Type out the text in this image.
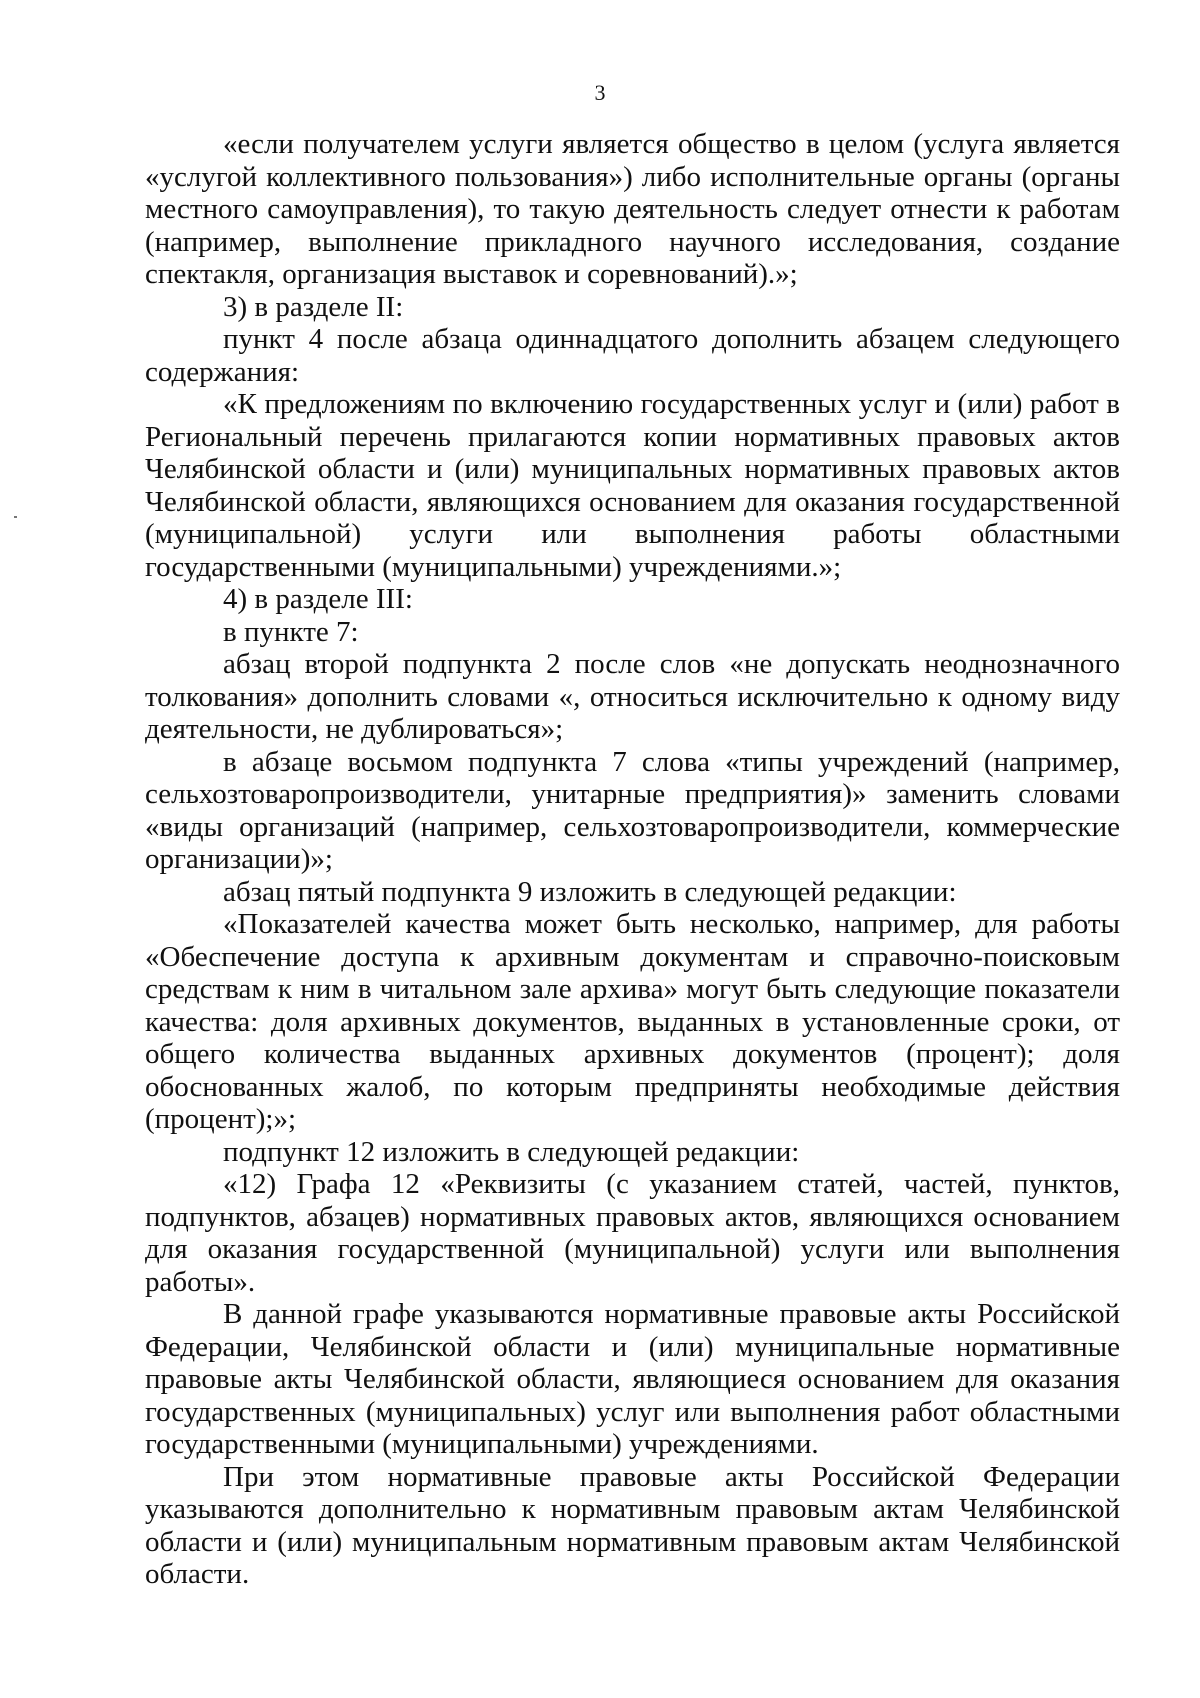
3

«если получателем услуги является общество в целом (услуга является «услугой коллективного пользования») либо исполнительные органы (органы местного самоуправления), то такую деятельность следует отнести к работам (например, выполнение прикладного научного исследования, создание спектакля, организация выставок и соревнований).»;

3) в разделе II:

пункт 4 после абзаца одиннадцатого дополнить абзацем следующего содержания:

«К предложениям по включению государственных услуг и (или) работ в Региональный перечень прилагаются копии нормативных правовых актов Челябинской области и (или) муниципальных нормативных правовых актов Челябинской области, являющихся основанием для оказания государственной (муниципальной) услуги или выполнения работы областными государственными (муниципальными) учреждениями.»;

4) в разделе III:

в пункте 7:

абзац второй подпункта 2 после слов «не допускать неоднозначного толкования» дополнить словами «, относиться исключительно к одному виду деятельности, не дублироваться»;

в абзаце восьмом подпункта 7 слова «типы учреждений (например, сельхозтоваропроизводители, унитарные предприятия)» заменить словами «виды организаций (например, сельхозтоваропроизводители, коммерческие организации)»;

абзац пятый подпункта 9 изложить в следующей редакции:

«Показателей качества может быть несколько, например, для работы «Обеспечение доступа к архивным документам и справочно-поисковым средствам к ним в читальном зале архива» могут быть следующие показатели качества: доля архивных документов, выданных в установленные сроки, от общего количества выданных архивных документов (процент); доля обоснованных жалоб, по которым предприняты необходимые действия (процент);»;

подпункт 12 изложить в следующей редакции:

«12) Графа 12 «Реквизиты (с указанием статей, частей, пунктов, подпунктов, абзацев) нормативных правовых актов, являющихся основанием для оказания государственной (муниципальной) услуги или выполнения работы».

В данной графе указываются нормативные правовые акты Российской Федерации, Челябинской области и (или) муниципальные нормативные правовые акты Челябинской области, являющиеся основанием для оказания государственных (муниципальных) услуг или выполнения работ областными государственными (муниципальными) учреждениями.

При этом нормативные правовые акты Российской Федерации указываются дополнительно к нормативным правовым актам Челябинской области и (или) муниципальным нормативным правовым актам Челябинской области.
